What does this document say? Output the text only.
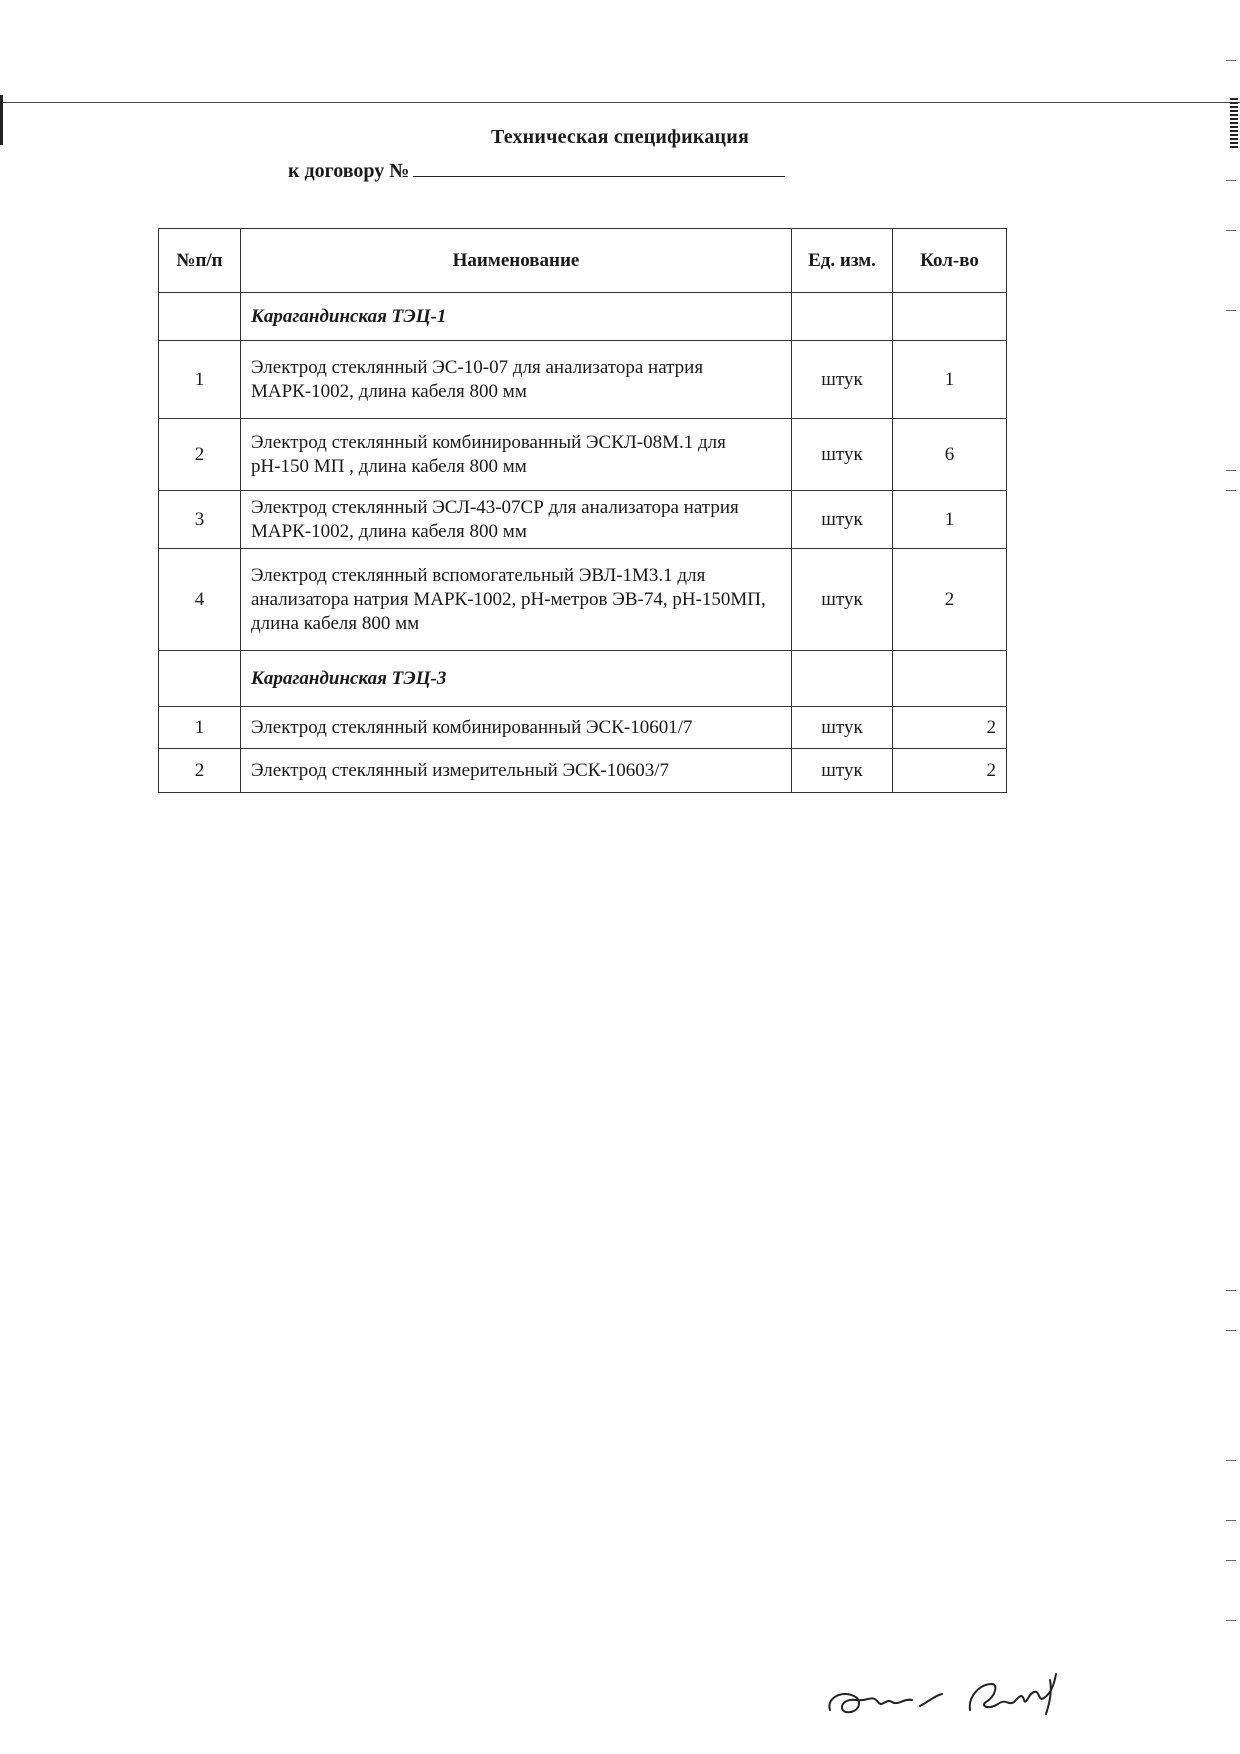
Техническая спецификация
к договору №
№п/п	Наименование	Ед. изм.	Кол-во
	Карагандинская ТЭЦ-1		
1	Электрод стеклянный ЭС-10-07 для анализатора натрия МАРК-1002, длина кабеля 800 мм	штук	1
2	Электрод стеклянный комбинированный ЭСКЛ-08М.1 для рН-150 МП , длина кабеля 800 мм	штук	6
3	Электрод стеклянный ЭСЛ-43-07СР для анализатора натрия МАРК-1002, длина кабеля 800 мм	штук	1
4	Электрод стеклянный вспомогательный ЭВЛ-1М3.1 для анализатора натрия МАРК-1002, рН-метров ЭВ-74, рН-150МП, длина кабеля 800 мм	штук	2
	Карагандинская ТЭЦ-3		
1	Электрод стеклянный комбинированный ЭСК-10601/7	штук	2
2	Электрод стеклянный измерительный ЭСК-10603/7	штук	2
